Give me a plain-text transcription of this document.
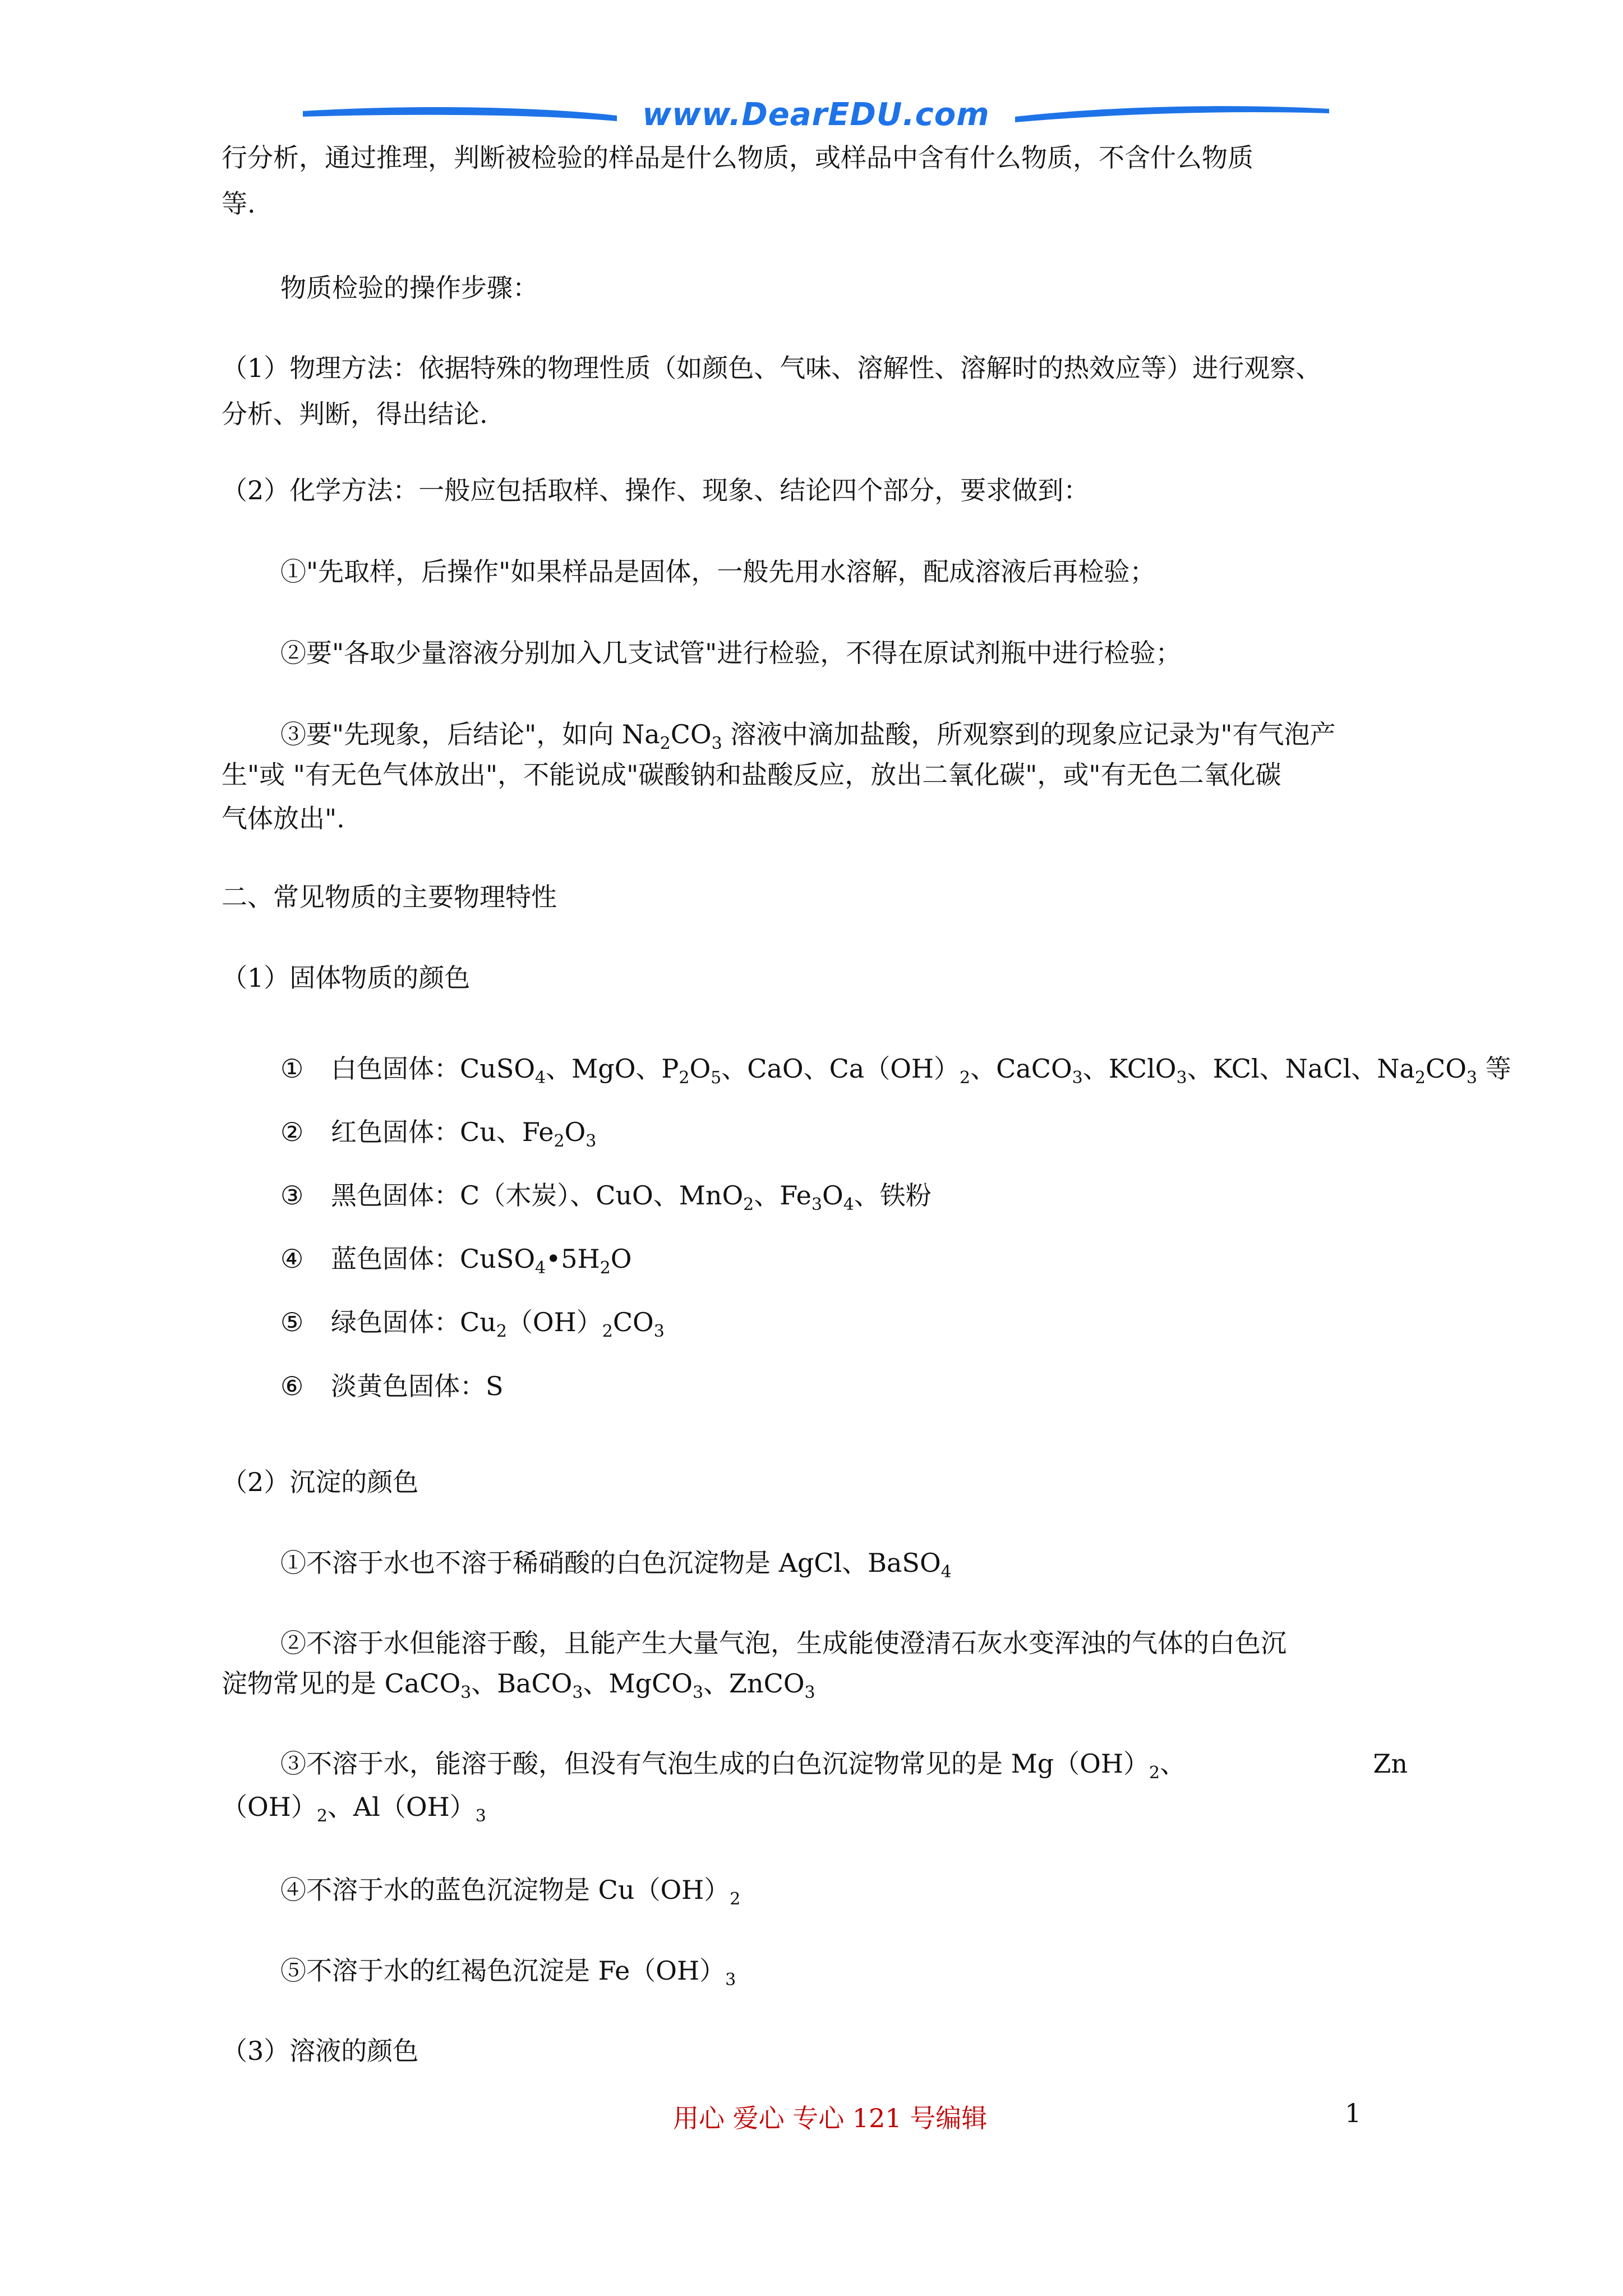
www.DearEDU.com
行分析，通过推理，判断被检验的样品是什么物质，或样品中含有什么物质，不含什么物质
等.
物质检验的操作步骤：
（1）物理方法：依据特殊的物理性质（如颜色、气味、溶解性、溶解时的热效应等）进行观察、
分析、判断，得出结论.
（2）化学方法：一般应包括取样、操作、现象、结论四个部分，要求做到：
①"先取样，后操作"如果样品是固体，一般先用水溶解，配成溶液后再检验；
②要"各取少量溶液分别加入几支试管"进行检验，不得在原试剂瓶中进行检验；
③要"先现象，后结论"，如向 $Na_2CO_3$ 溶液中滴加盐酸，所观察到的现象应记录为"有气泡产
生"或 "有无色气体放出"，不能说成"碳酸钠和盐酸反应，放出二氧化碳"，或"有无色二氧化碳
气体放出".
二、常见物质的主要物理特性
（1）固体物质的颜色
① 白色固体：CuSO$_4$、MgO、$P_2O_5$、CaO、$Ca(OH)_2$、CaCO$_3$、KClO$_3$、KCl、NaCl、$Na_2CO_3$ 等
② 红色固体：Cu、$Fe_2O_3$
③ 黑色固体：C（木炭）、CuO、MnO$_2$、$Fe_3O_4$、铁粉
④ 蓝色固体：$CuSO_4•5H_2O$
⑤ 绿色固体：$Cu_2(OH)_2CO_3$
⑥ 淡黄色固体：S
（2）沉淀的颜色
①不溶于水也不溶于稀硝酸的白色沉淀物是 AgCl、BaSO$_4$
②不溶于水但能溶于酸，且能产生大量气泡，生成能使澄清石灰水变浑浊的气体的白色沉
淀物常见的是 CaCO$_3$、BaCO$_3$、MgCO$_3$、ZnCO$_3$
③不溶于水，能溶于酸，但没有气泡生成的白色沉淀物常见的是 $Mg(OH)_2$、	Zn
$(OH)_2$、$Al(OH)_3$
④不溶于水的蓝色沉淀物是 $Cu(OH)_2$
⑤不溶于水的红褐色沉淀是 $Fe(OH)_3$
（3）溶液的颜色
用心 爱心 专心 121 号编辑	1
